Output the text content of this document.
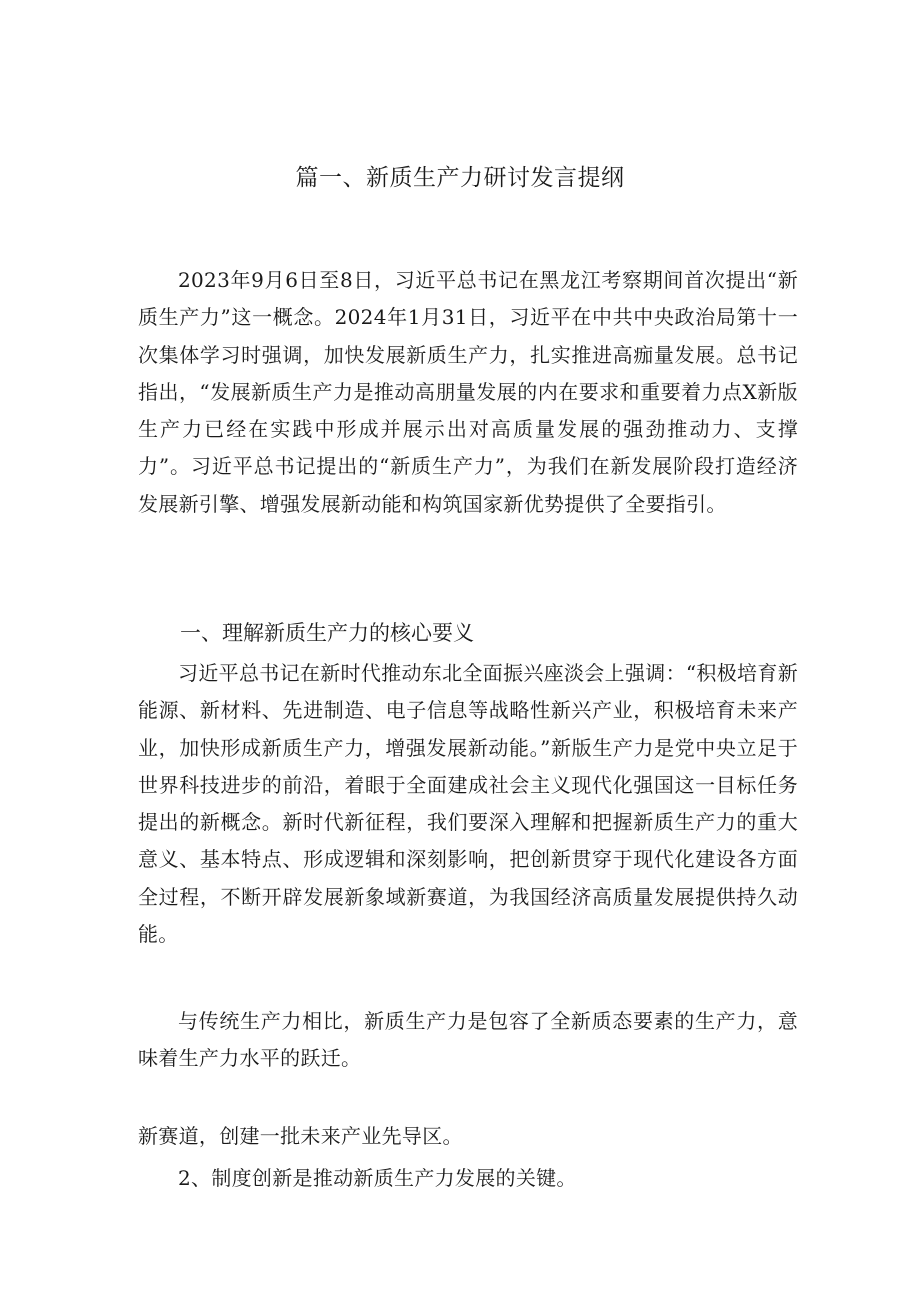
篇一、新质生产力研讨发言提纲

2023年9月6日至8日，习近平总书记在黑龙江考察期间首次提出“新质生产力”这一概念。2024年1月31日，习近平在中共中央政治局第十一次集体学习时强调，加快发展新质生产力，扎实推进高痂量发展。总书记指出，“发展新质生产力是推动高朋量发展的内在要求和重要着力点X新版生产力已经在实践中形成并展示出对高质量发展的强劲推动力、支撑力”。习近平总书记提出的“新质生产力”，为我们在新发展阶段打造经济发展新引擎、增强发展新动能和构筑国家新优势提供了全要指引。

一、理解新质生产力的核心要义

习近平总书记在新时代推动东北全面振兴座淡会上强调：“积极培育新能源、新材料、先进制造、电子信息等战略性新兴产业，积极培育未来产业，加快形成新质生产力，增强发展新动能。”新版生产力是党中央立足于世界科技进步的前沿，着眼于全面建成社会主义现代化强国这一目标任务提出的新概念。新时代新征程，我们要深入理解和把握新质生产力的重大意义、基本特点、形成逻辑和深刻影响，把创新贯穿于现代化建设各方面全过程，不断开辟发展新象域新赛道，为我国经济高质量发展提供持久动能。

与传统生产力相比，新质生产力是包容了全新质态要素的生产力，意味着生产力水平的跃迁。

新赛道，创建一批未来产业先导区。

2、制度创新是推动新质生产力发展的关键。
